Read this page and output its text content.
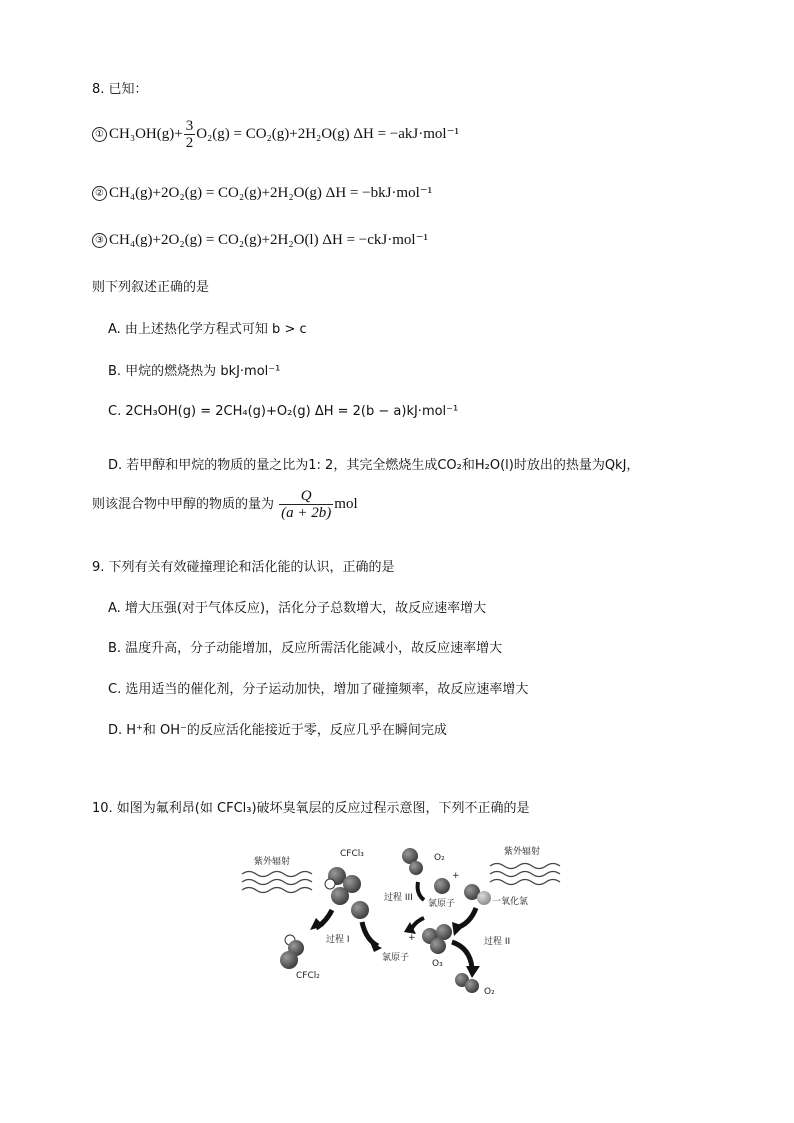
8. 已知：
① $CH_3OH(g)+ \frac{3}{2} O_2(g) = CO_2(g)+2H_2O(g) \Delta H = -akJ\cdot mol^{-1}$
② CH₄(g)+2O₂(g) = CO₂(g)+2H₂O(g) ΔH = −bkJ·mol⁻¹
③ CH₄(g)+2O₂(g) = CO₂(g)+2H₂O(l) ΔH = −ckJ·mol⁻¹
则下列叙述正确的是
A. 由上述热化学方程式可知 b > c
B. 甲烷的燃烧热为 bkJ·mol⁻¹
C. 2CH₃OH(g) = 2CH₄(g)+O₂(g) ΔH = 2(b − a)kJ·mol⁻¹
D. 若甲醇和甲烷的物质的量之比为1: 2，其完全燃烧生成CO₂和H₂O(l)时放出的热量为QkJ，
则该混合物中甲醇的物质的量为 $\frac{Q}{(a + 2b)}$ mol
9. 下列有关有效碰撞理论和活化能的认识，正确的是
A. 增大压强(对于气体反应)，活化分子总数增大，故反应速率增大
B. 温度升高，分子动能增加，反应所需活化能减小，故反应速率增大
C. 选用适当的催化剂，分子运动加快，增加了碰撞频率，故反应速率增大
D. H⁺和 OH⁻的反应活化能接近于零，反应几乎在瞬间完成
10. 如图为氟利昂(如 CFCl₃)破坏臭氧层的反应过程示意图，下列不正确的是
紫外辐射
CFCl₃
CFCl₂
过程 I
氯原子
+
O₃
O₂
过程 II
一氧化氯
紫外辐射
O₂
+
氯原子
过程 III
